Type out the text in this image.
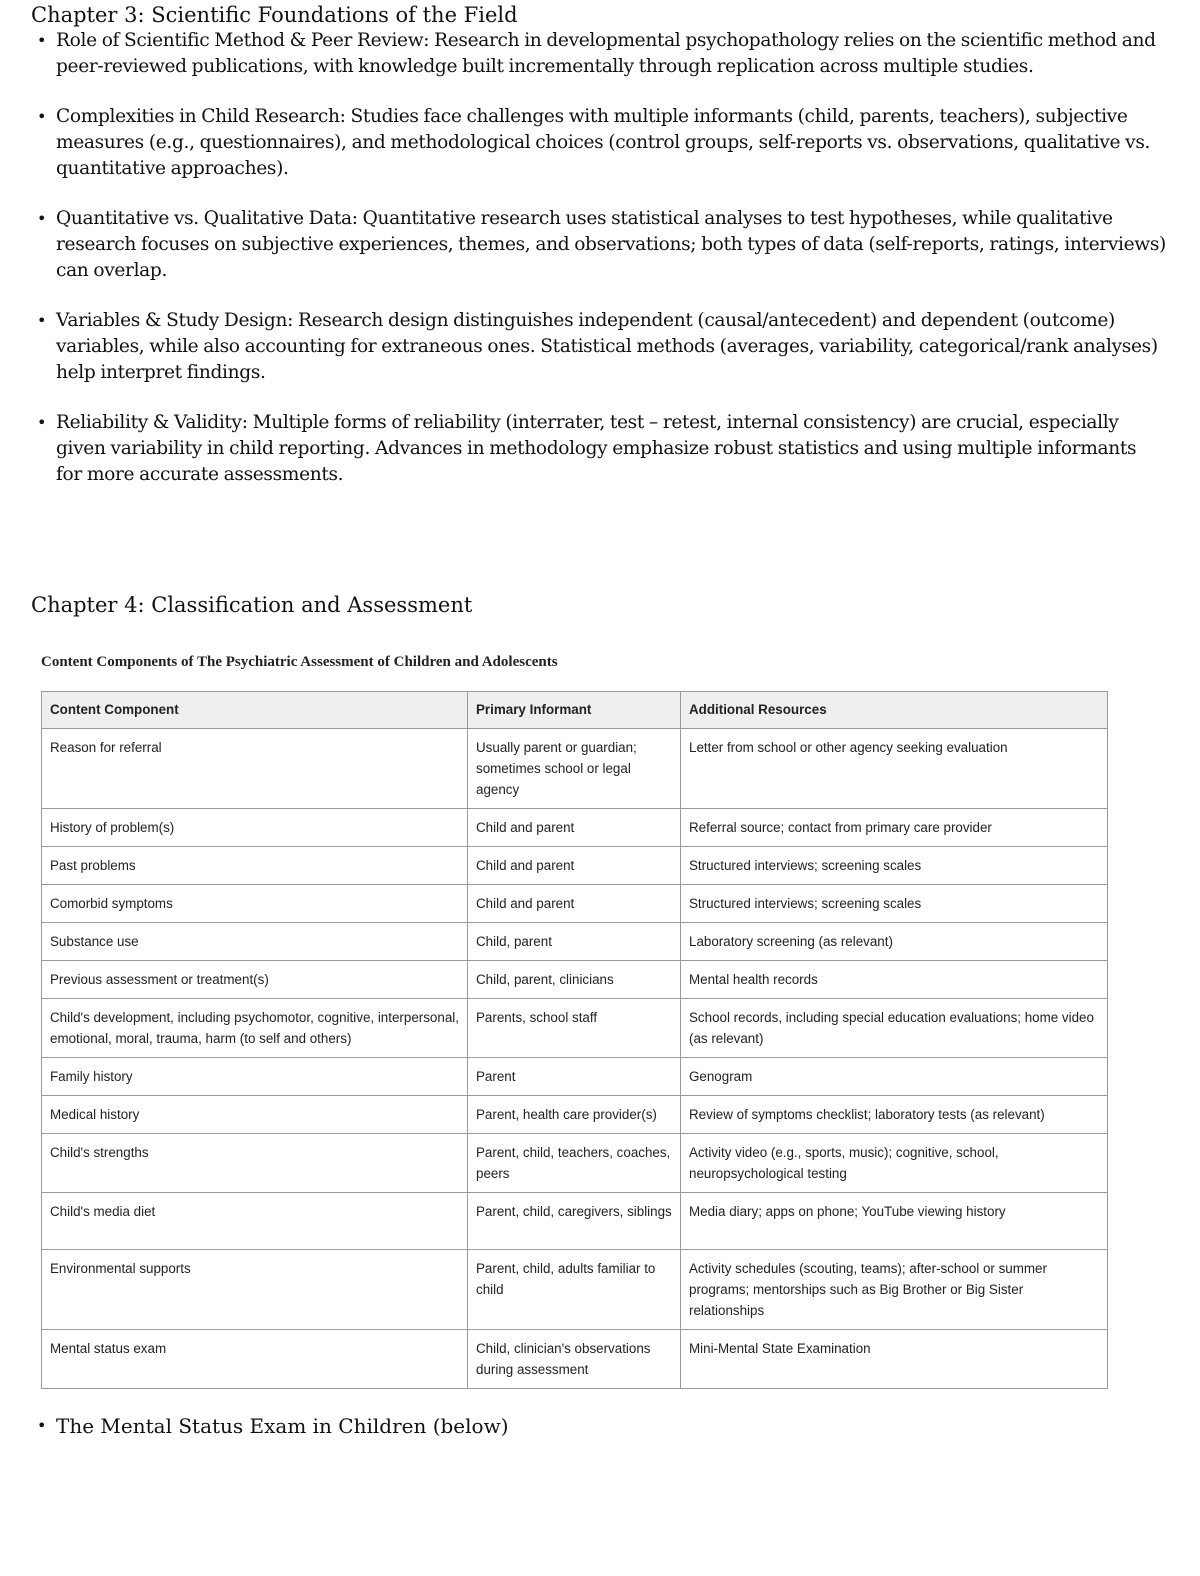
Chapter 3: Scientific Foundations of the Field
• Role of Scientific Method & Peer Review: Research in developmental psychopathology relies on the scientific method and peer-reviewed publications, with knowledge built incrementally through replication across multiple studies.
• Complexities in Child Research: Studies face challenges with multiple informants (child, parents, teachers), subjective measures (e.g., questionnaires), and methodological choices (control groups, self-reports vs. observations, qualitative vs. quantitative approaches).
• Quantitative vs. Qualitative Data: Quantitative research uses statistical analyses to test hypotheses, while qualitative research focuses on subjective experiences, themes, and observations; both types of data (self-reports, ratings, interviews) can overlap.
• Variables & Study Design: Research design distinguishes independent (causal/antecedent) and dependent (outcome) variables, while also accounting for extraneous ones. Statistical methods (averages, variability, categorical/rank analyses) help interpret findings.
• Reliability & Validity: Multiple forms of reliability (interrater, test – retest, internal consistency) are crucial, especially given variability in child reporting. Advances in methodology emphasize robust statistics and using multiple informants for more accurate assessments.
Chapter 4: Classification and Assessment

Content Components of The Psychiatric Assessment of Children and Adolescents

Content Component	Primary Informant	Additional Resources
Reason for referral	Usually parent or guardian; sometimes school or legal agency	Letter from school or other agency seeking evaluation
History of problem(s)	Child and parent	Referral source; contact from primary care provider
Past problems	Child and parent	Structured interviews; screening scales
Comorbid symptoms	Child and parent	Structured interviews; screening scales
Substance use	Child, parent	Laboratory screening (as relevant)
Previous assessment or treatment(s)	Child, parent, clinicians	Mental health records
Child's development, including psychomotor, cognitive, interpersonal, emotional, moral, trauma, harm (to self and others)	Parents, school staff	School records, including special education evaluations; home video (as relevant)
Family history	Parent	Genogram
Medical history	Parent, health care provider(s)	Review of symptoms checklist; laboratory tests (as relevant)
Child's strengths	Parent, child, teachers, coaches, peers	Activity video (e.g., sports, music); cognitive, school, neuropsychological testing
Child's media diet	Parent, child, caregivers, siblings	Media diary; apps on phone; YouTube viewing history
Environmental supports	Parent, child, adults familiar to child	Activity schedules (scouting, teams); after-school or summer programs; mentorships such as Big Brother or Big Sister relationships
Mental status exam	Child, clinician's observations during assessment	Mini-Mental State Examination

• The Mental Status Exam in Children (below)
